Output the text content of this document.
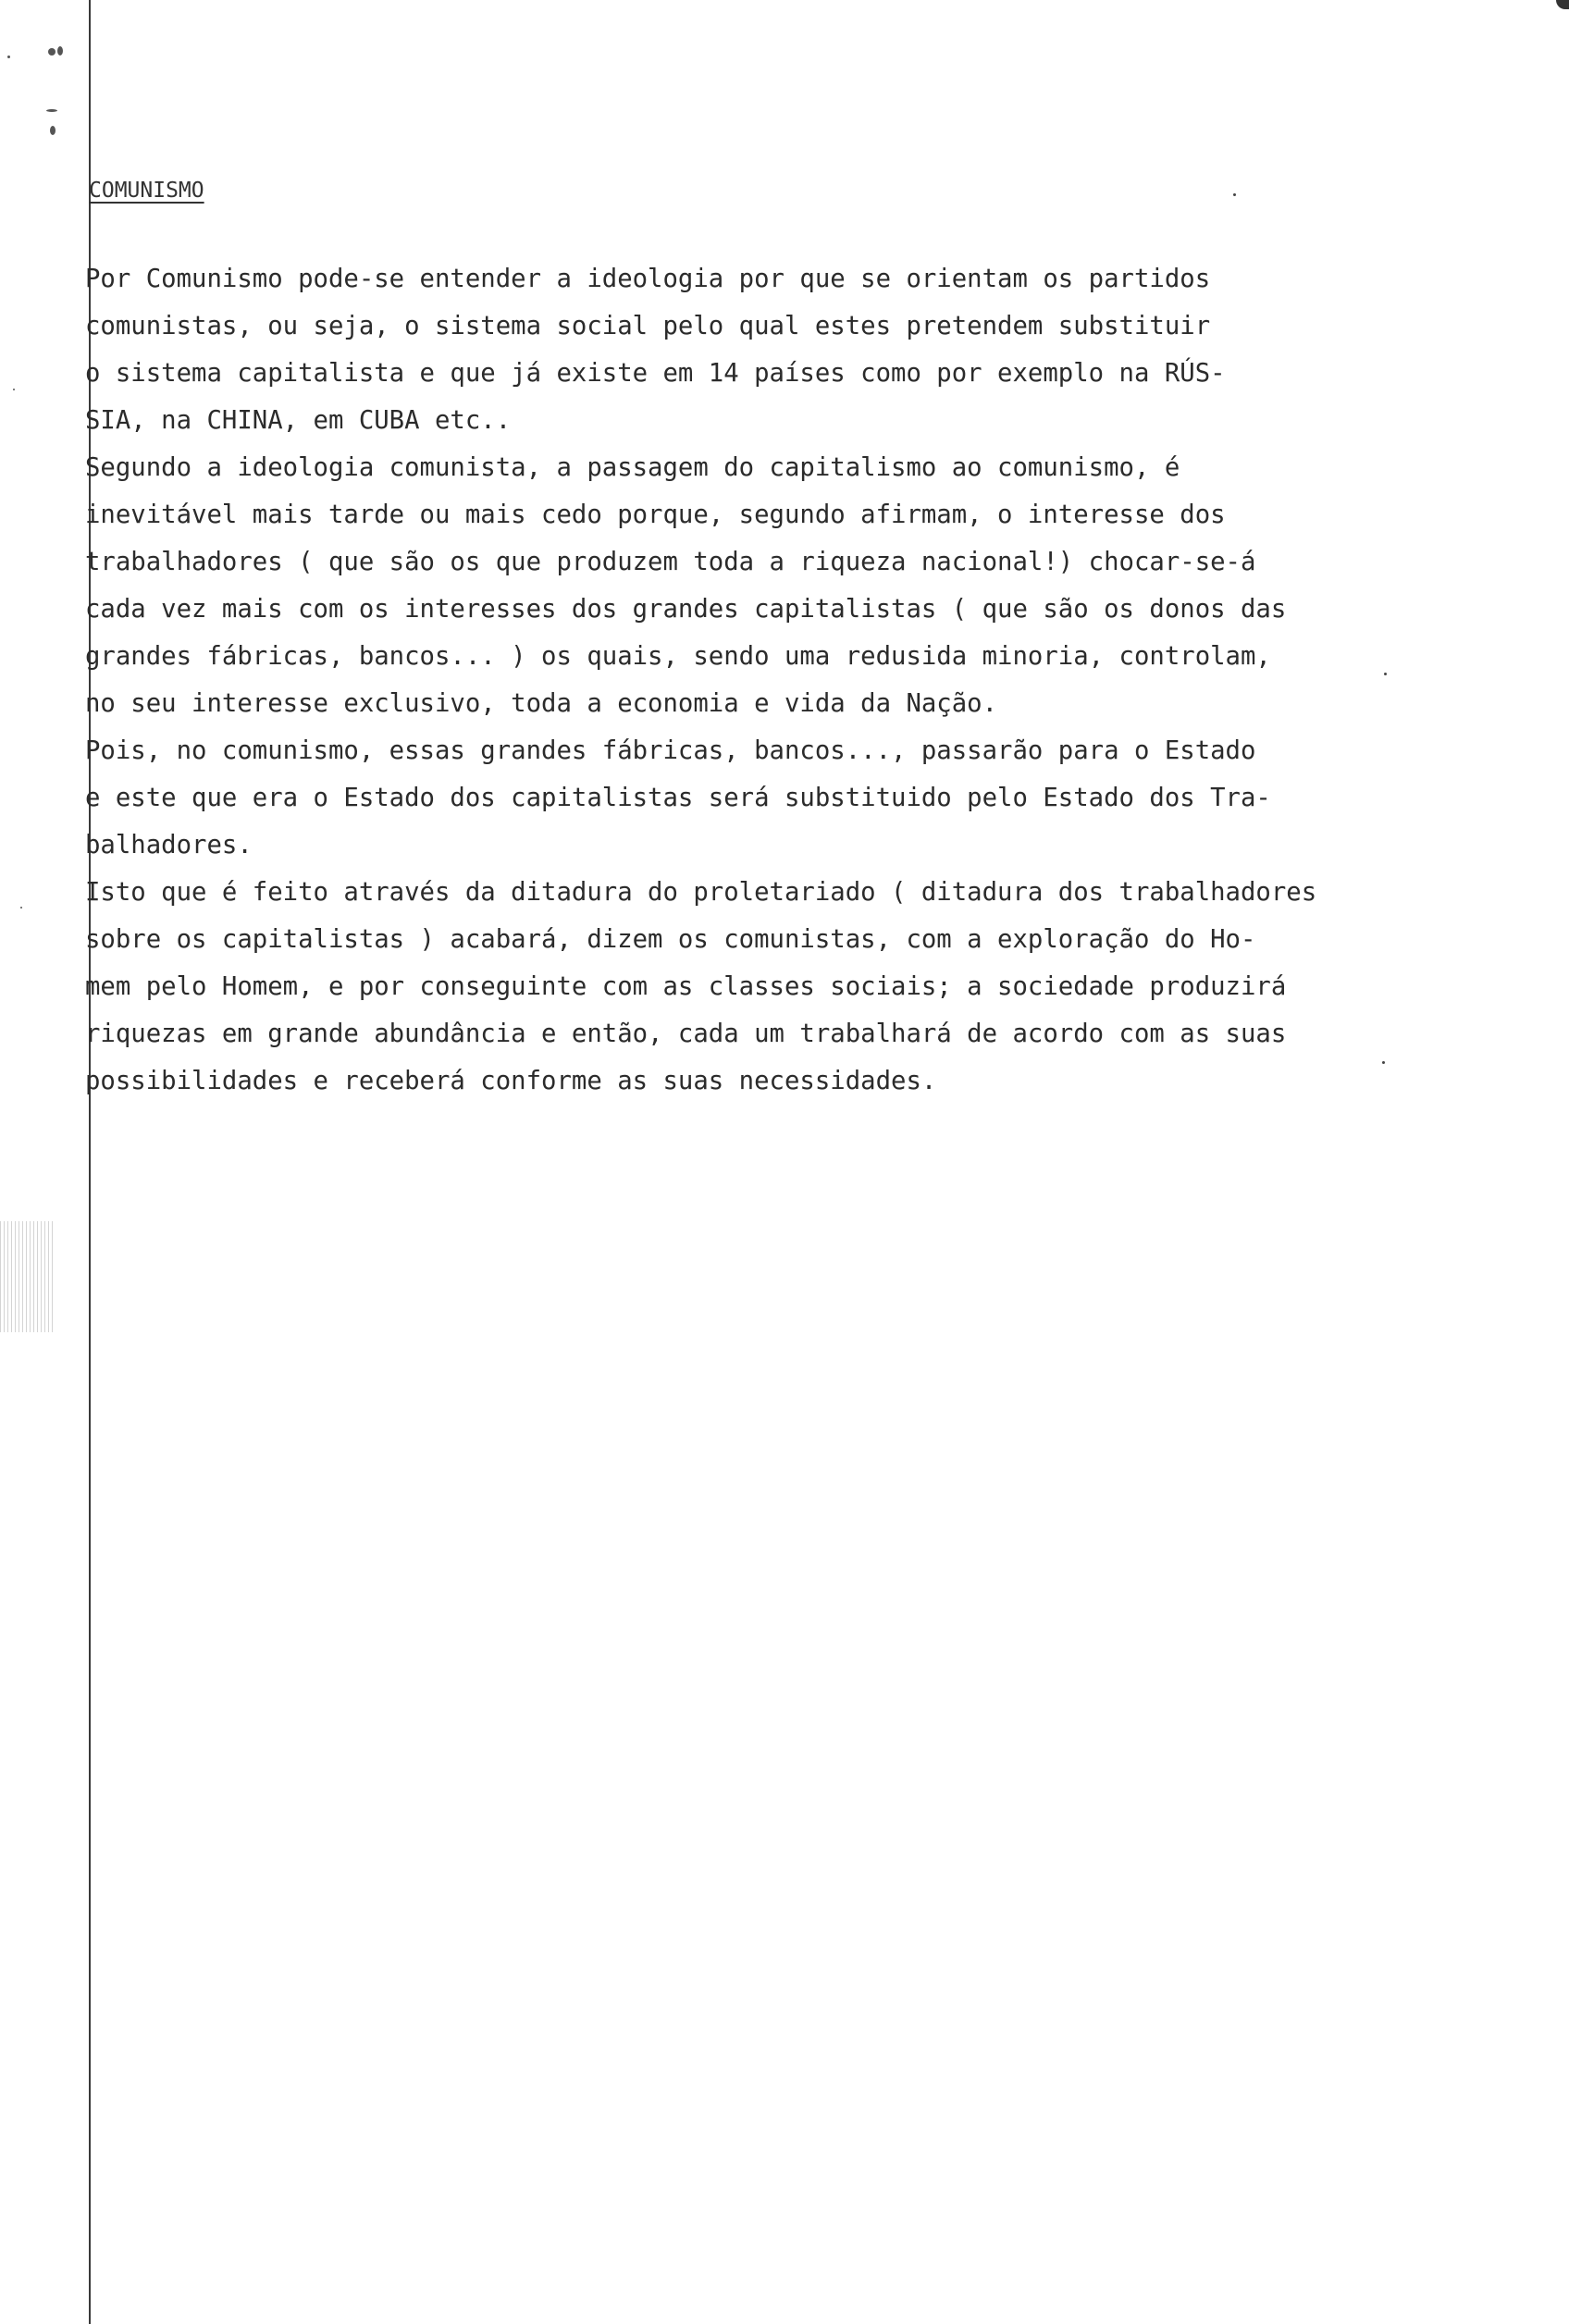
COMUNISMO
Por Comunismo pode-se entender a ideologia por que se orientam os partidos
comunistas, ou seja, o sistema social pelo qual estes pretendem substituir
o sistema capitalista e que já existe em 14 países como por exemplo na RÚS-
SIA, na CHINA, em CUBA etc..
Segundo a ideologia comunista, a passagem do capitalismo ao comunismo, é
inevitável mais tarde ou mais cedo porque, segundo afirmam, o interesse dos
trabalhadores ( que são os que produzem toda a riqueza nacional!) chocar-se-á
cada vez mais com os interesses dos grandes capitalistas ( que são os donos das
grandes fábricas, bancos... ) os quais, sendo uma redusida minoria, controlam,
no seu interesse exclusivo, toda a economia e vida da Nação.
Pois, no comunismo, essas grandes fábricas, bancos..., passarão para o Estado
e este que era o Estado dos capitalistas será substituido pelo Estado dos Tra-
balhadores.
Isto que é feito através da ditadura do proletariado ( ditadura dos trabalhadores
sobre os capitalistas ) acabará, dizem os comunistas, com a exploração do Ho-
mem pelo Homem, e por conseguinte com as classes sociais; a sociedade produzirá
riquezas em grande abundância e então, cada um trabalhará de acordo com as suas
possibilidades e receberá conforme as suas necessidades.
